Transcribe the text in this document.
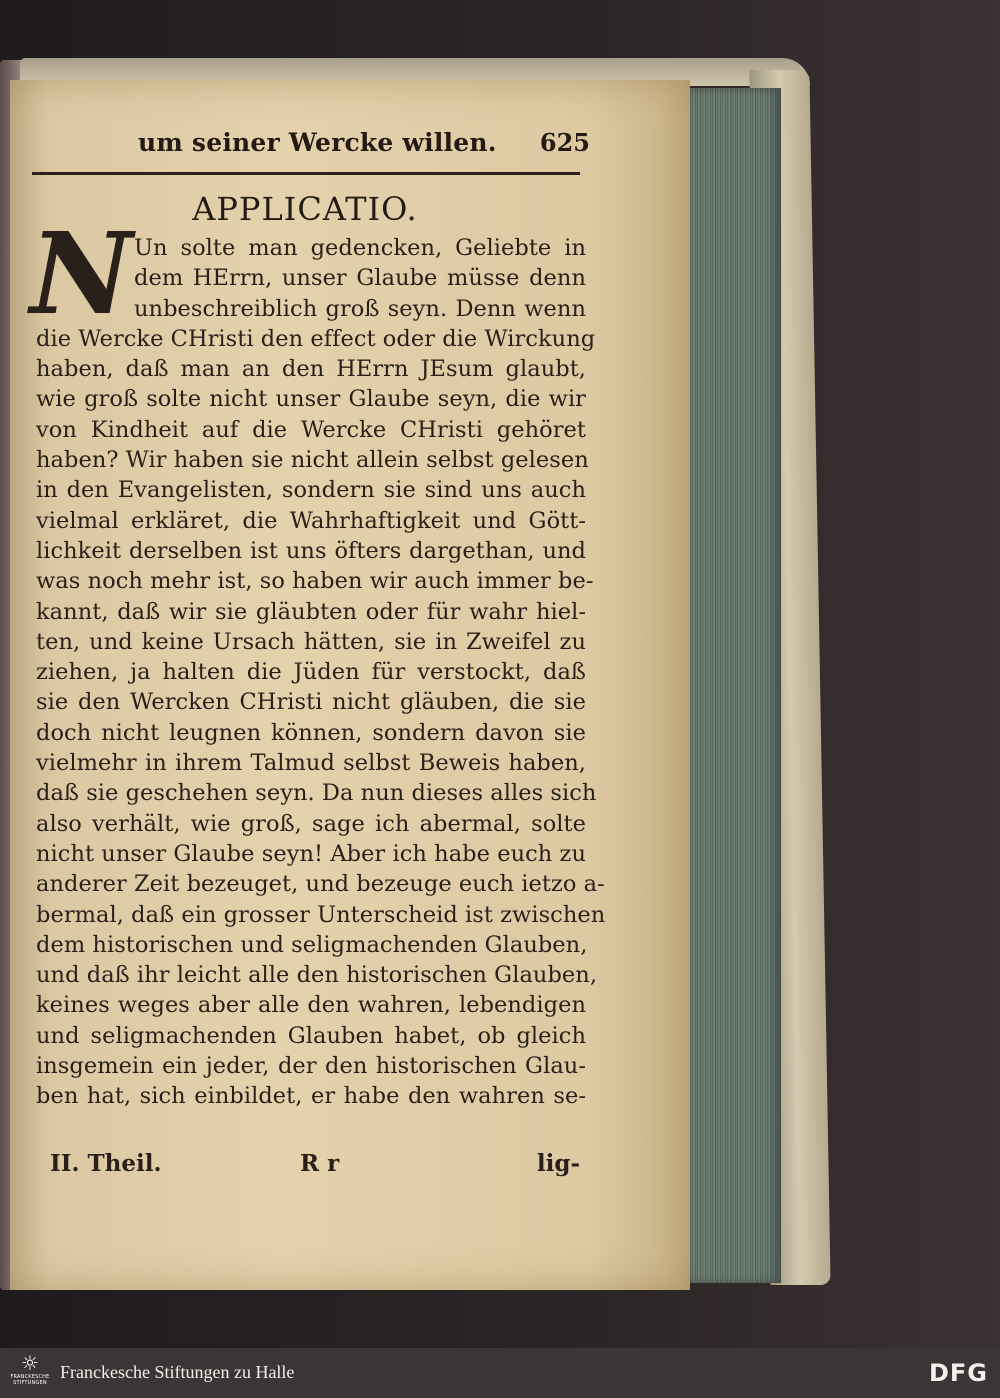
um seiner Wercke willen. 625
APPLICATIO.
N Un solte man gedencken, Geliebte in
dem HErrn, unser Glaube müsse denn
unbeschreiblich groß seyn. Denn wenn
die Wercke CHristi den effect oder die Wirckung
haben, daß man an den HErrn JEsum glaubt,
wie groß solte nicht unser Glaube seyn, die wir
von Kindheit auf die Wercke CHristi gehöret
haben? Wir haben sie nicht allein selbst gelesen
in den Evangelisten, sondern sie sind uns auch
vielmal erkläret, die Wahrhaftigkeit und Gött-
lichkeit derselben ist uns öfters dargethan, und
was noch mehr ist, so haben wir auch immer be-
kannt, daß wir sie gläubten oder für wahr hiel-
ten, und keine Ursach hätten, sie in Zweifel zu
ziehen, ja halten die Jüden für verstockt, daß
sie den Wercken CHristi nicht gläuben, die sie
doch nicht leugnen können, sondern davon sie
vielmehr in ihrem Talmud selbst Beweis haben,
daß sie geschehen seyn. Da nun dieses alles sich
also verhält, wie groß, sage ich abermal, solte
nicht unser Glaube seyn! Aber ich habe euch zu
anderer Zeit bezeuget, und bezeuge euch ietzo a-
bermal, daß ein grosser Unterscheid ist zwischen
dem historischen und seligmachenden Glauben,
und daß ihr leicht alle den historischen Glauben,
keines weges aber alle den wahren, lebendigen
und seligmachenden Glauben habet, ob gleich
insgemein ein jeder, der den historischen Glau-
ben hat, sich einbildet, er habe den wahren se-
II. Theil.	R r	lig-
☼
FRANCKESCHE STIFTUNGEN
Franckesche Stiftungen zu Halle	DFG
